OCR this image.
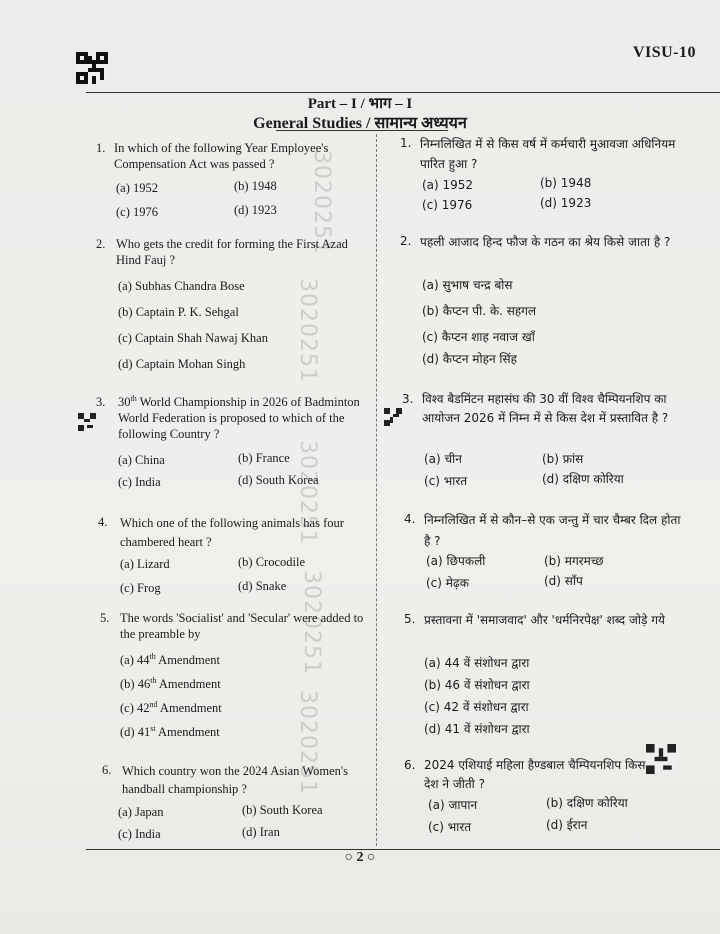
VISU-10
Part – I / भाग – I
General Studies / सामान्य अध्ययन
3020251
3020251
3020251
3020251
3020251
1. In which of the following Year Employee's Compensation Act was passed ?
(a) 1952	(b) 1948
(c) 1976	(d) 1923
2. Who gets the credit for forming the First Azad Hind Fauj ?
(a) Subhas Chandra Bose
(b) Captain P. K. Sehgal
(c) Captain Shah Nawaj Khan
(d) Captain Mohan Singh
3. 30th World Championship in 2026 of Badminton World Federation is proposed to which of the following Country ?
(a) China	(b) France
(c) India	(d) South Korea
4. Which one of the following animals has four chambered heart ?
(a) Lizard	(b) Crocodile
(c) Frog	(d) Snake
5. The words 'Socialist' and 'Secular' were added to the preamble by
(a) 44th Amendment
(b) 46th Amendment
(c) 42nd Amendment
(d) 41st Amendment
6. Which country won the 2024 Asian Women's handball championship ?
(a) Japan	(b) South Korea
(c) India	(d) Iran
1. निम्नलिखित में से किस वर्ष में कर्मचारी मुआवजा अधिनियम पारित हुआ ?
(a) 1952	(b) 1948
(c) 1976	(d) 1923
2. पहली आजाद हिन्द फौज के गठन का श्रेय किसे जाता है ?
(a) सुभाष चन्द्र बोस
(b) कैप्टन पी. के. सहगल
(c) कैप्टन शाह नवाज खाँ
(d) कैप्टन मोहन सिंह
3. विश्व बैडमिंटन महासंघ की 30 वीं विश्व चैम्पियनशिप का आयोजन 2026 में निम्न में से किस देश में प्रस्तावित है ?
(a) चीन	(b) फ्रांस
(c) भारत	(d) दक्षिण कोरिया
4. निम्नलिखित में से कौन–से एक जन्तु में चार चैम्बर दिल होता है ?
(a) छिपकली	(b) मगरमच्छ
(c) मेढ़क	(d) साँप
5. प्रस्तावना में 'समाजवाद' और 'धर्मनिरपेक्ष' शब्द जोड़े गये
(a) 44 वें संशोधन द्वारा
(b) 46 वें संशोधन द्वारा
(c) 42 वें संशोधन द्वारा
(d) 41 वें संशोधन द्वारा
6. 2024 एशियाई महिला हैण्डबाल चैम्पियनशिप किस देश ने जीती ?
(a) जापान	(b) दक्षिण कोरिया
(c) भारत	(d) ईरान
○ 2 ○
